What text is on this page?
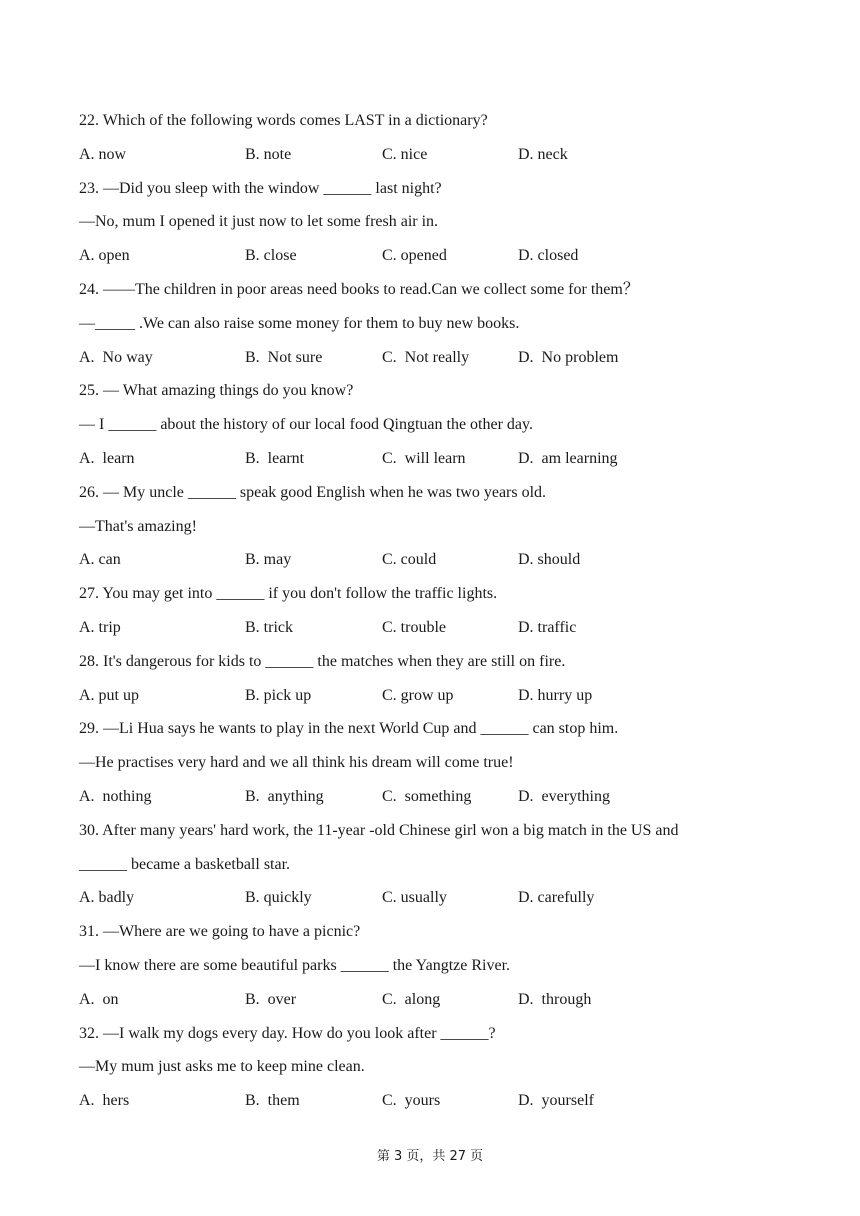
22. Which of the following words comes LAST in a dictionary?
A. now	B. note	C. nice	D. neck
23. —Did you sleep with the window ______ last night?
—No, mum I opened it just now to let some fresh air in.
A. open	B. close	C. opened	D. closed
24. ——The children in poor areas need books to read.Can we collect some for them？
—_____ .We can also raise some money for them to buy new books.
A.  No way	B.  Not sure	C.  Not really	D.  No problem
25. — What amazing things do you know?
— I ______ about the history of our local food Qingtuan the other day.
A.  learn	B.  learnt	C.  will learn	D.  am learning
26. — My uncle ______ speak good English when he was two years old.
—That's amazing!
A. can	B. may	C. could	D. should
27. You may get into ______ if you don't follow the traffic lights.
A. trip	B. trick	C. trouble	D. traffic
28. It's dangerous for kids to ______ the matches when they are still on fire.
A. put up	B. pick up	C. grow up	D. hurry up
29. —Li Hua says he wants to play in the next World Cup and ______ can stop him.
—He practises very hard and we all think his dream will come true!
A.  nothing	B.  anything	C.  something	D.  everything
30. After many years' hard work, the 11-year -old Chinese girl won a big match in the US and
______ became a basketball star.
A. badly	B. quickly	C. usually	D. carefully
31. —Where are we going to have a picnic?
—I know there are some beautiful parks ______ the Yangtze River.
A.  on	B.  over	C.  along	D.  through
32. —I walk my dogs every day. How do you look after ______?
—My mum just asks me to keep mine clean.
A.  hers	B.  them	C.  yours	D.  yourself
第 3 页，共 27 页
